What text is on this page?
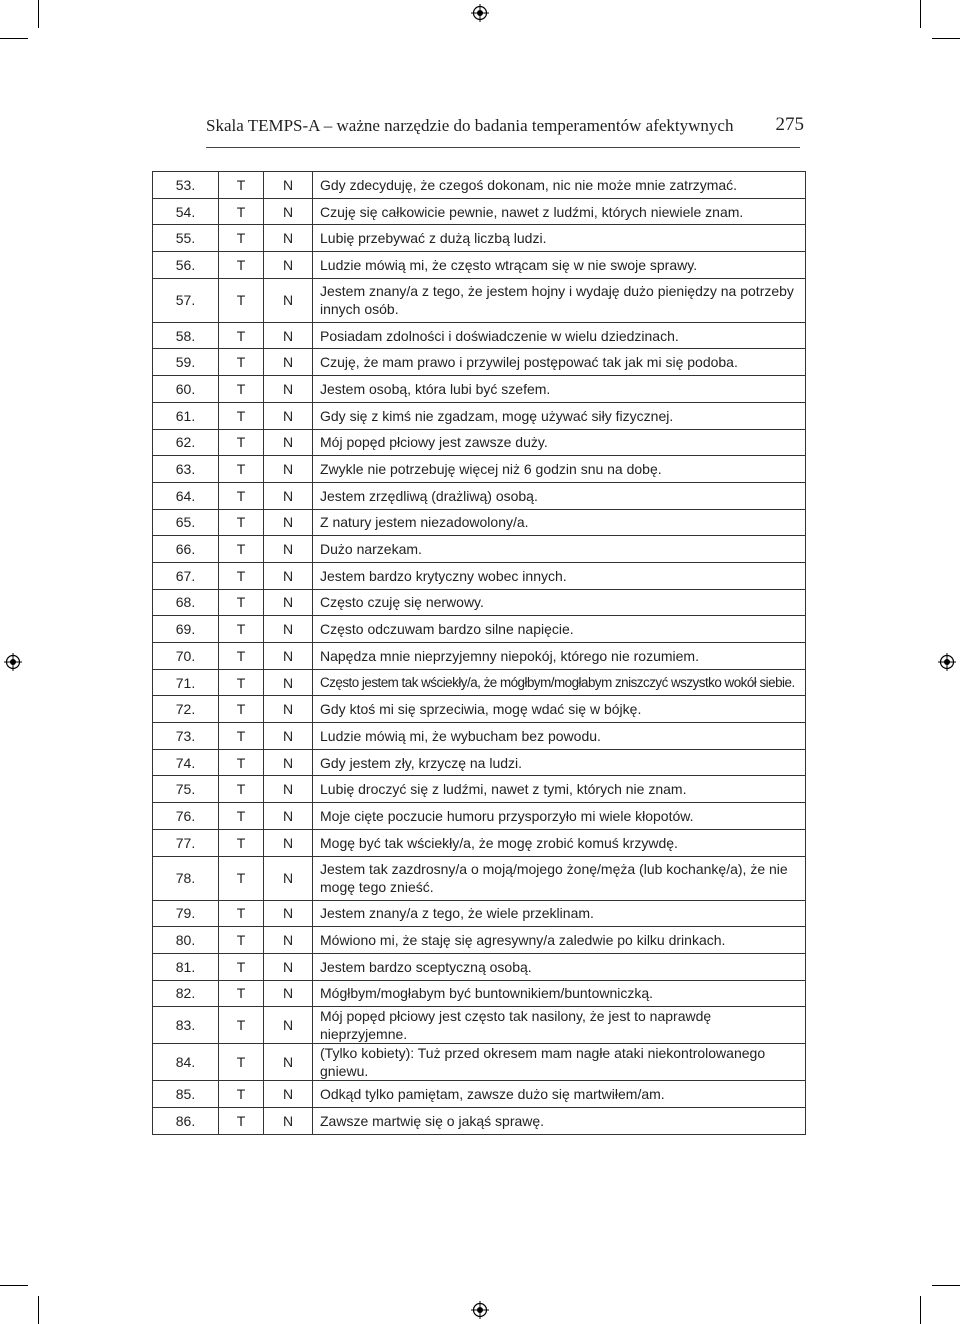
Skala TEMPS-A – ważne narzędzie do badania temperamentów afektywnych 275
53.	T	N	Gdy zdecyduję, że czegoś dokonam, nic nie może mnie zatrzymać.
54.	T	N	Czuję się całkowicie pewnie, nawet z ludźmi, których niewiele znam.
55.	T	N	Lubię przebywać z dużą liczbą ludzi.
56.	T	N	Ludzie mówią mi, że często wtrącam się w nie swoje sprawy.
57.	T	N	Jestem znany/a z tego, że jestem hojny i wydaję dużo pieniędzy na potrzeby innych osób.
58.	T	N	Posiadam zdolności i doświadczenie w wielu dziedzinach.
59.	T	N	Czuję, że mam prawo i przywilej postępować tak jak mi się podoba.
60.	T	N	Jestem osobą, która lubi być szefem.
61.	T	N	Gdy się z kimś nie zgadzam, mogę używać siły fizycznej.
62.	T	N	Mój popęd płciowy jest zawsze duży.
63.	T	N	Zwykle nie potrzebuję więcej niż 6 godzin snu na dobę.
64.	T	N	Jestem zrzędliwą (drażliwą) osobą.
65.	T	N	Z natury jestem niezadowolony/a.
66.	T	N	Dużo narzekam.
67.	T	N	Jestem bardzo krytyczny wobec innych.
68.	T	N	Często czuję się nerwowy.
69.	T	N	Często odczuwam bardzo silne napięcie.
70.	T	N	Napędza mnie nieprzyjemny niepokój, którego nie rozumiem.
71.	T	N	Często jestem tak wściekły/a, że mógłbym/mogłabym zniszczyć wszystko wokół siebie.
72.	T	N	Gdy ktoś mi się sprzeciwia, mogę wdać się w bójkę.
73.	T	N	Ludzie mówią mi, że wybucham bez powodu.
74.	T	N	Gdy jestem zły, krzyczę na ludzi.
75.	T	N	Lubię droczyć się z ludźmi, nawet z tymi, których nie znam.
76.	T	N	Moje cięte poczucie humoru przysporzyło mi wiele kłopotów.
77.	T	N	Mogę być tak wściekły/a, że mogę zrobić komuś krzywdę.
78.	T	N	Jestem tak zazdrosny/a o moją/mojego żonę/męża (lub kochankę/a), że nie mogę tego znieść.
79.	T	N	Jestem znany/a z tego, że wiele przeklinam.
80.	T	N	Mówiono mi, że staję się agresywny/a zaledwie po kilku drinkach.
81.	T	N	Jestem bardzo sceptyczną osobą.
82.	T	N	Mógłbym/mogłabym być buntownikiem/buntowniczką.
83.	T	N	Mój popęd płciowy jest często tak nasilony, że jest to naprawdę nieprzyjemne.
84.	T	N	(Tylko kobiety): Tuż przed okresem mam nagłe ataki niekontrolowanego gniewu.
85.	T	N	Odkąd tylko pamiętam, zawsze dużo się martwiłem/am.
86.	T	N	Zawsze martwię się o jakąś sprawę.
